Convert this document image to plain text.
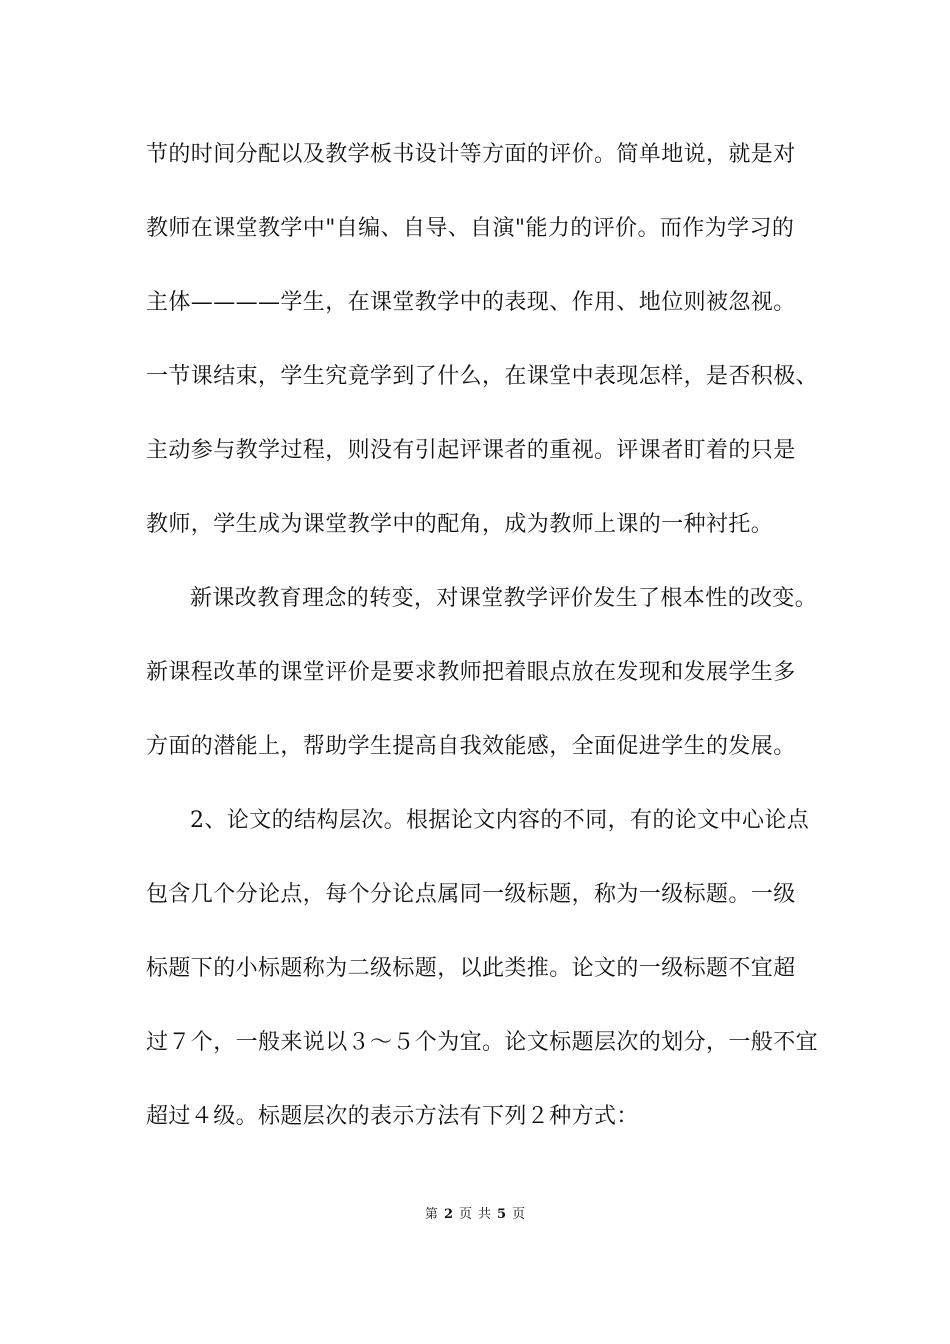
节的时间分配以及教学板书设计等方面的评价。简单地说，就是对
教师在课堂教学中"自编、自导、自演"能力的评价。而作为学习的
主体————学生，在课堂教学中的表现、作用、地位则被忽视。
一节课结束，学生究竟学到了什么，在课堂中表现怎样，是否积极、
主动参与教学过程，则没有引起评课者的重视。评课者盯着的只是
教师，学生成为课堂教学中的配角，成为教师上课的一种衬托。
新课改教育理念的转变，对课堂教学评价发生了根本性的改变。
新课程改革的课堂评价是要求教师把着眼点放在发现和发展学生多
方面的潜能上，帮助学生提高自我效能感，全面促进学生的发展。
2、论文的结构层次。根据论文内容的不同，有的论文中心论点
包含几个分论点，每个分论点属同一级标题，称为一级标题。一级
标题下的小标题称为二级标题，以此类推。论文的一级标题不宜超
过７个，一般来说以３～５个为宜。论文标题层次的划分，一般不宜
超过４级。标题层次的表示方法有下列２种方式：
第 2 页 共 5 页
